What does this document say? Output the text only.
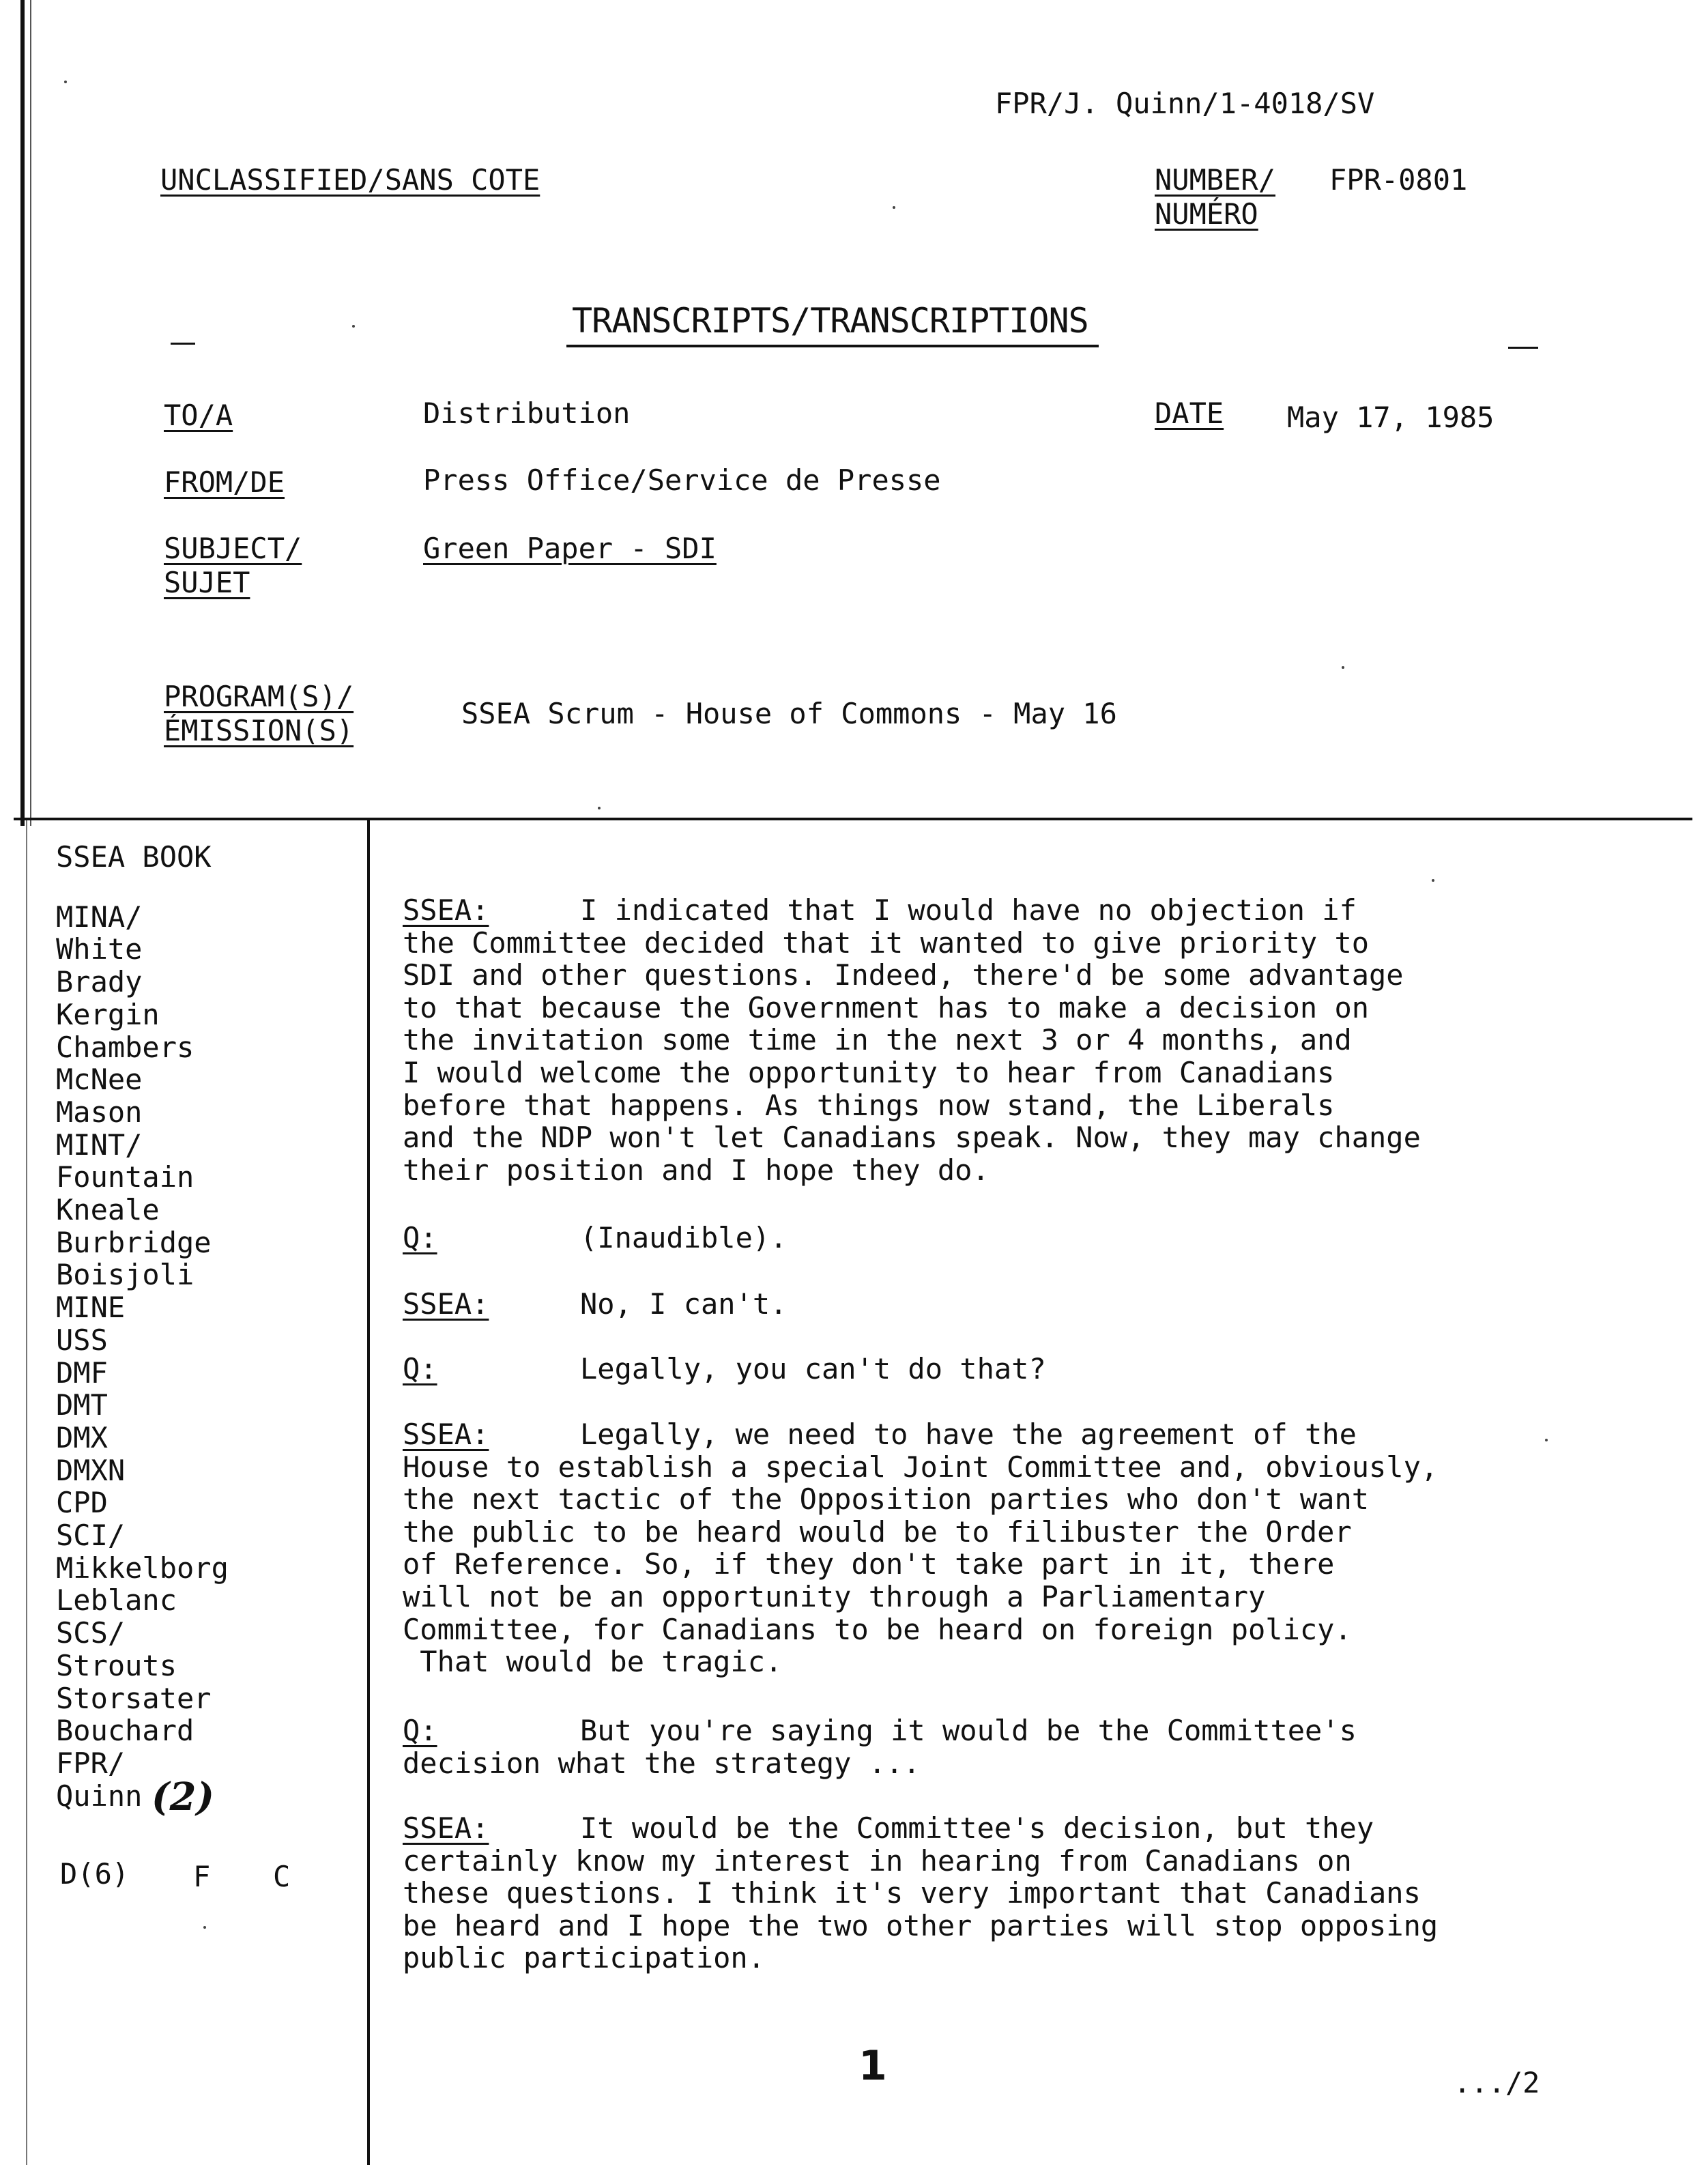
FPR/J. Quinn/1-4018/SV
UNCLASSIFIED/SANS COTE	NUMBER/
NUMÉRO
FPR-0801
TRANSCRIPTS/TRANSCRIPTIONS
TO/A	Distribution	DATE May 17, 1985
FROM/DE	Press Office/Service de Presse
SUBJECT/
SUJET
Green Paper - SDI
PROGRAM(S)/
ÉMISSION(S)
SSEA Scrum - House of Commons - May 16
SSEA BOOK
MINA/
White
Brady
Kergin
Chambers
McNee
Mason
MINT/
Fountain
Kneale
Burbridge
Boisjoli
MINE
USS
DMF
DMT
DMX
DMXN
CPD
SCI/
Mikkelborg
Leblanc
SCS/
Strouts
Storsater
Bouchard
FPR/
Quinn (2)
D(6) F C
SSEA:	I indicated that I would have no objection if
the Committee decided that it wanted to give priority to
SDI and other questions. Indeed, there'd be some advantage
to that because the Government has to make a decision on
the invitation some time in the next 3 or 4 months, and
I would welcome the opportunity to hear from Canadians
before that happens. As things now stand, the Liberals
and the NDP won't let Canadians speak. Now, they may change
their position and I hope they do.
Q:	(Inaudible).
SSEA:	No, I can't.
Q:	Legally, you can't do that?
SSEA:	Legally, we need to have the agreement of the
House to establish a special Joint Committee and, obviously,
the next tactic of the Opposition parties who don't want
the public to be heard would be to filibuster the Order
of Reference. So, if they don't take part in it, there
will not be an opportunity through a Parliamentary
Committee, for Canadians to be heard on foreign policy.
That would be tragic.
Q:	But you're saying it would be the Committee's
decision what the strategy ...
SSEA:	It would be the Committee's decision, but they
certainly know my interest in hearing from Canadians on
these questions. I think it's very important that Canadians
be heard and I hope the two other parties will stop opposing
public participation.
1	.../2
